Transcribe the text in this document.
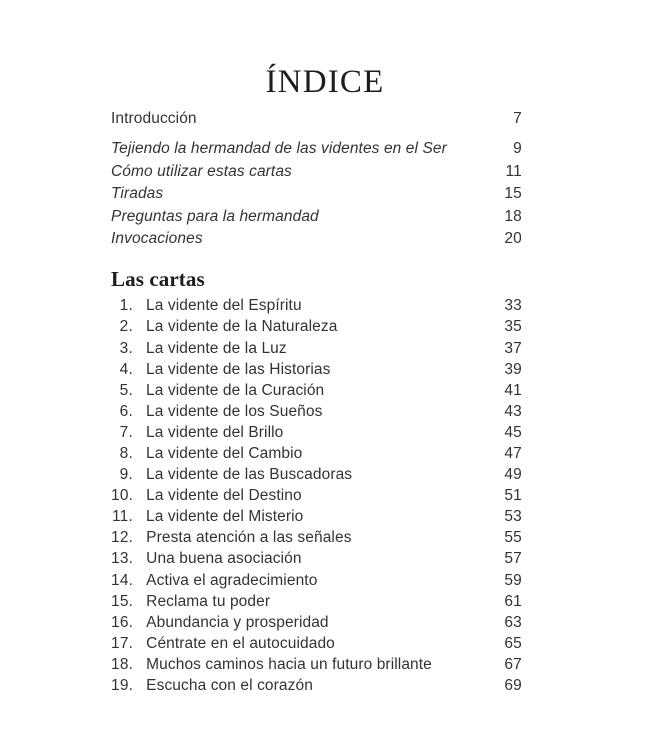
ÍNDICE
Introducción	7
Tejiendo la hermandad de las videntes en el Ser	9
Cómo utilizar estas cartas	11
Tiradas	15
Preguntas para la hermandad	18
Invocaciones	20
Las cartas
1. La vidente del Espíritu	33
2. La vidente de la Naturaleza	35
3. La vidente de la Luz	37
4. La vidente de las Historias	39
5. La vidente de la Curación	41
6. La vidente de los Sueños	43
7. La vidente del Brillo	45
8. La vidente del Cambio	47
9. La vidente de las Buscadoras	49
10. La vidente del Destino	51
11. La vidente del Misterio	53
12. Presta atención a las señales	55
13. Una buena asociación	57
14. Activa el agradecimiento	59
15. Reclama tu poder	61
16. Abundancia y prosperidad	63
17. Céntrate en el autocuidado	65
18. Muchos caminos hacia un futuro brillante	67
19. Escucha con el corazón	69
